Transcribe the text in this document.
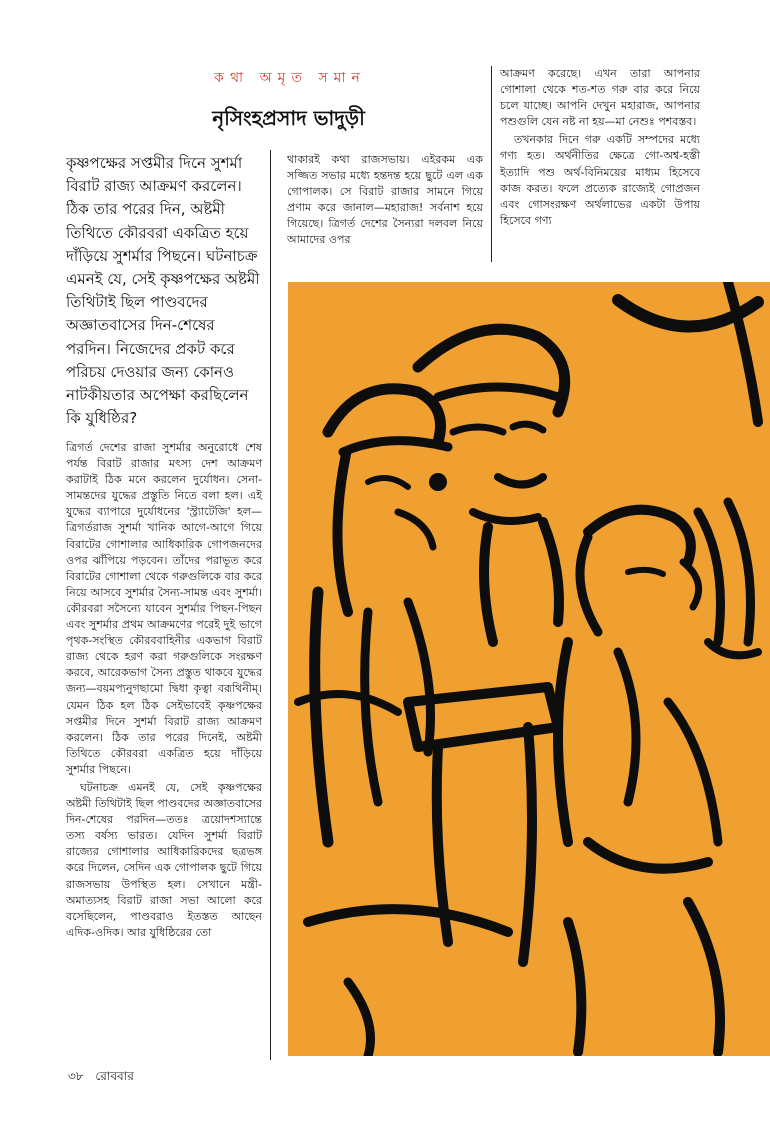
কথা অমৃত সমান
নৃসিংহপ্রসাদ ভাদুড়ী
কৃষ্ণপক্ষের সপ্তমীর দিনে সুশর্মা বিরাট রাজ্য আক্রমণ করলেন। ঠিক তার পরের দিন, অষ্টমী তিথিতে কৌরবরা একত্রিত হয়ে দাঁড়িয়ে সুশর্মার পিছনে। ঘটনাচক্র এমনই যে, সেই কৃষ্ণপক্ষের অষ্টমী তিথিটাই ছিল পাণ্ডবদের অজ্ঞাতবাসের দিন-শেষের পরদিন। নিজেদের প্রকট করে পরিচয় দেওয়ার জন্য কোনও নাটকীয়তার অপেক্ষা করছিলেন কি যুধিষ্ঠির?

ত্রিগর্ত দেশের রাজা সুশর্মার অনুরোধে শেষ পর্যন্ত বিরাট রাজার মৎস্য দেশ আক্রমণ করাটাই ঠিক মনে করলেন দুর্যোধন। সেনা-সামন্তদের যুদ্ধের প্রস্তুতি নিতে বলা হল। এই যুদ্ধের ব্যাপারে দুর্যোধনের 'স্ট্র্যাটেজি' হল—ত্রিগর্তরাজ সুশর্মা খানিক আগে-আগে গিয়ে বিরাটের গোশালার আধিকারিক গোপজনদের ওপর ঝাঁপিয়ে পড়বেন। তাঁদের পরাভূত করে বিরাটের গোশালা থেকে গরুগুলিকে বার করে নিয়ে আসবে সুশর্মার সৈন্য-সামন্ত এবং সুশর্মা। কৌরবরা সসৈন্যে যাবেন সুশর্মার পিছন-পিছন এবং সুশর্মার প্রথম আক্রমণের পরেই দুই ভাগে পৃথক-সংস্থিত কৌরববাহিনীর একভাগ বিরাট রাজ্য থেকে হরণ করা গরুগুলিকে সংরক্ষণ করবে, আরেকভাগ সৈন্য প্রস্তুত থাকবে যুদ্ধের জন্য—বয়মপ্যনুগছামো দ্বিধা কৃত্বা বরূথিনীম্। যেমন ঠিক হল ঠিক সেইভাবেই কৃষ্ণপক্ষের সপ্তমীর দিনে সুশর্মা বিরাট রাজ্য আক্রমণ করলেন। ঠিক তার পরের দিনেই, অষ্টমী তিথিতে কৌরবরা একত্রিত হয়ে দাঁড়িয়ে সুশর্মার পিছনে।

ঘটনাচক্র এমনই যে, সেই কৃষ্ণপক্ষের অষ্টমী তিথিটাই ছিল পাণ্ডবদের অজ্ঞাতবাসের দিন-শেষের পরদিন—ততঃ ত্রয়োদশস্যান্তে তস্য বর্ষস্য ভারত। যেদিন সুশর্মা বিরাট রাজ্যের গোশালার আধিকারিকদের ছত্রভঙ্গ করে দিলেন, সেদিন এক গোপালক ছুটে গিয়ে রাজসভায় উপস্থিত হল। সেখানে মন্ত্রী-অমাত্যসহ বিরাট রাজা সভা আলো করে বসেছিলেন, পাণ্ডবরাও ইতস্তত আছেন এদিক-ওদিক। আর যুধিষ্ঠিরের তো

থাকারই কথা রাজসভায়। এইরকম এক সজ্জিত সভার মধ্যে হন্তদন্ত হয়ে ছুটে এল এক গোপালক। সে বিরাট রাজার সামনে গিয়ে প্রণাম করে জানাল—মহারাজ! সর্বনাশ হয়ে গিয়েছে। ত্রিগর্ত দেশের সৈন্যরা দলবল নিয়ে আমাদের ওপর

আক্রমণ করেছে। এখন তারা আপনার গোশালা থেকে শত-শত গরু বার করে নিয়ে চলে যাচ্ছে। আপনি দেখুন মহারাজ, আপনার পশুগুলি যেন নষ্ট না হয়—মা নেশুঃ পশবস্তব।

তখনকার দিনে গরু একটি সম্পদের মধ্যে গণ্য হত। অর্থনীতির ক্ষেত্রে গো-অশ্ব-হস্তী ইত্যাদি পশু অর্থ-বিনিময়ের মাধ্যম হিসেবে কাজ করত। ফলে প্রত্যেক রাজ্যেই গোপ্রজন এবং গোসংরক্ষণ অর্থলাভের একটা উপায় হিসেবে গণ্য

৩৮ রোববার
